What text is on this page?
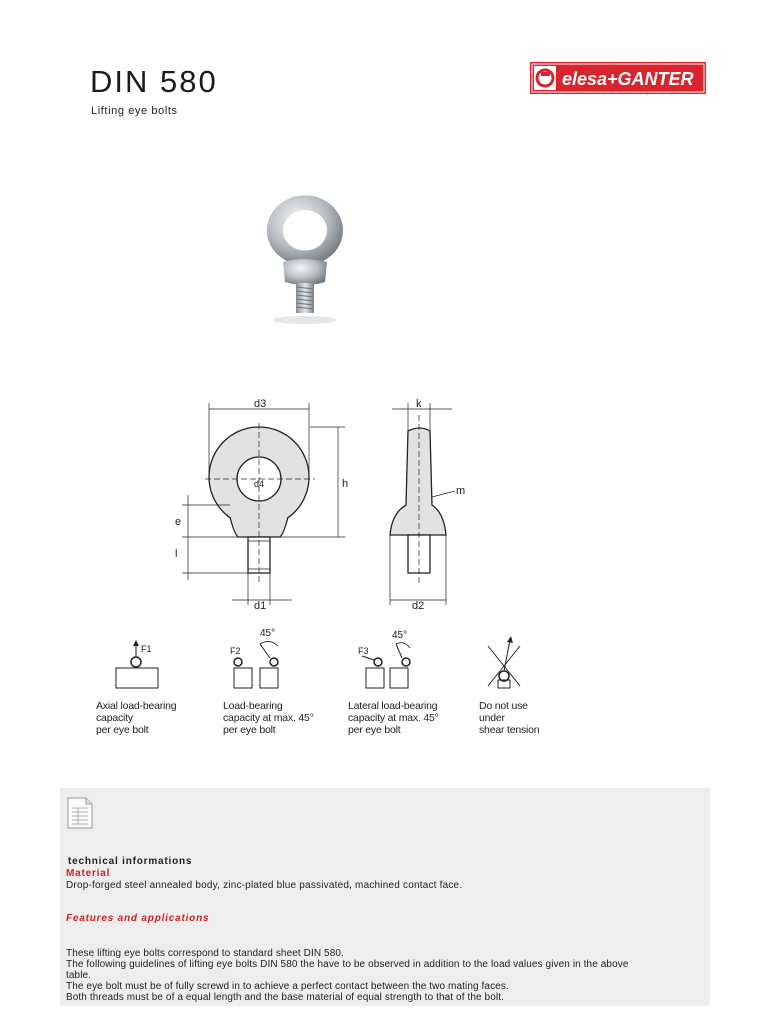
DIN 580
Lifting eye bolts
elesa+GANTER
d3
d4	h
e
l
d1
k
m
d2
F1
Axial load-bearing
capacity
per eye bolt
F2
45°
Load-bearing
capacity at max. 45°
per eye bolt
F3
45°
Lateral load-bearing
capacity at max. 45°
per eye bolt
Do not use
under
shear tension
technical informations
Material
Drop-forged steel annealed body, zinc-plated blue passivated, machined contact face.
Features and applications
These lifting eye bolts correspond to standard sheet DIN 580.
The following guidelines of lifting eye bolts DIN 580 the have to be observed in addition to the load values given in the above
table.
The eye bolt must be of fully screwd in to achieve a perfect contact between the two mating faces.
Both threads must be of a equal length and the base material of equal strength to that of the bolt.
